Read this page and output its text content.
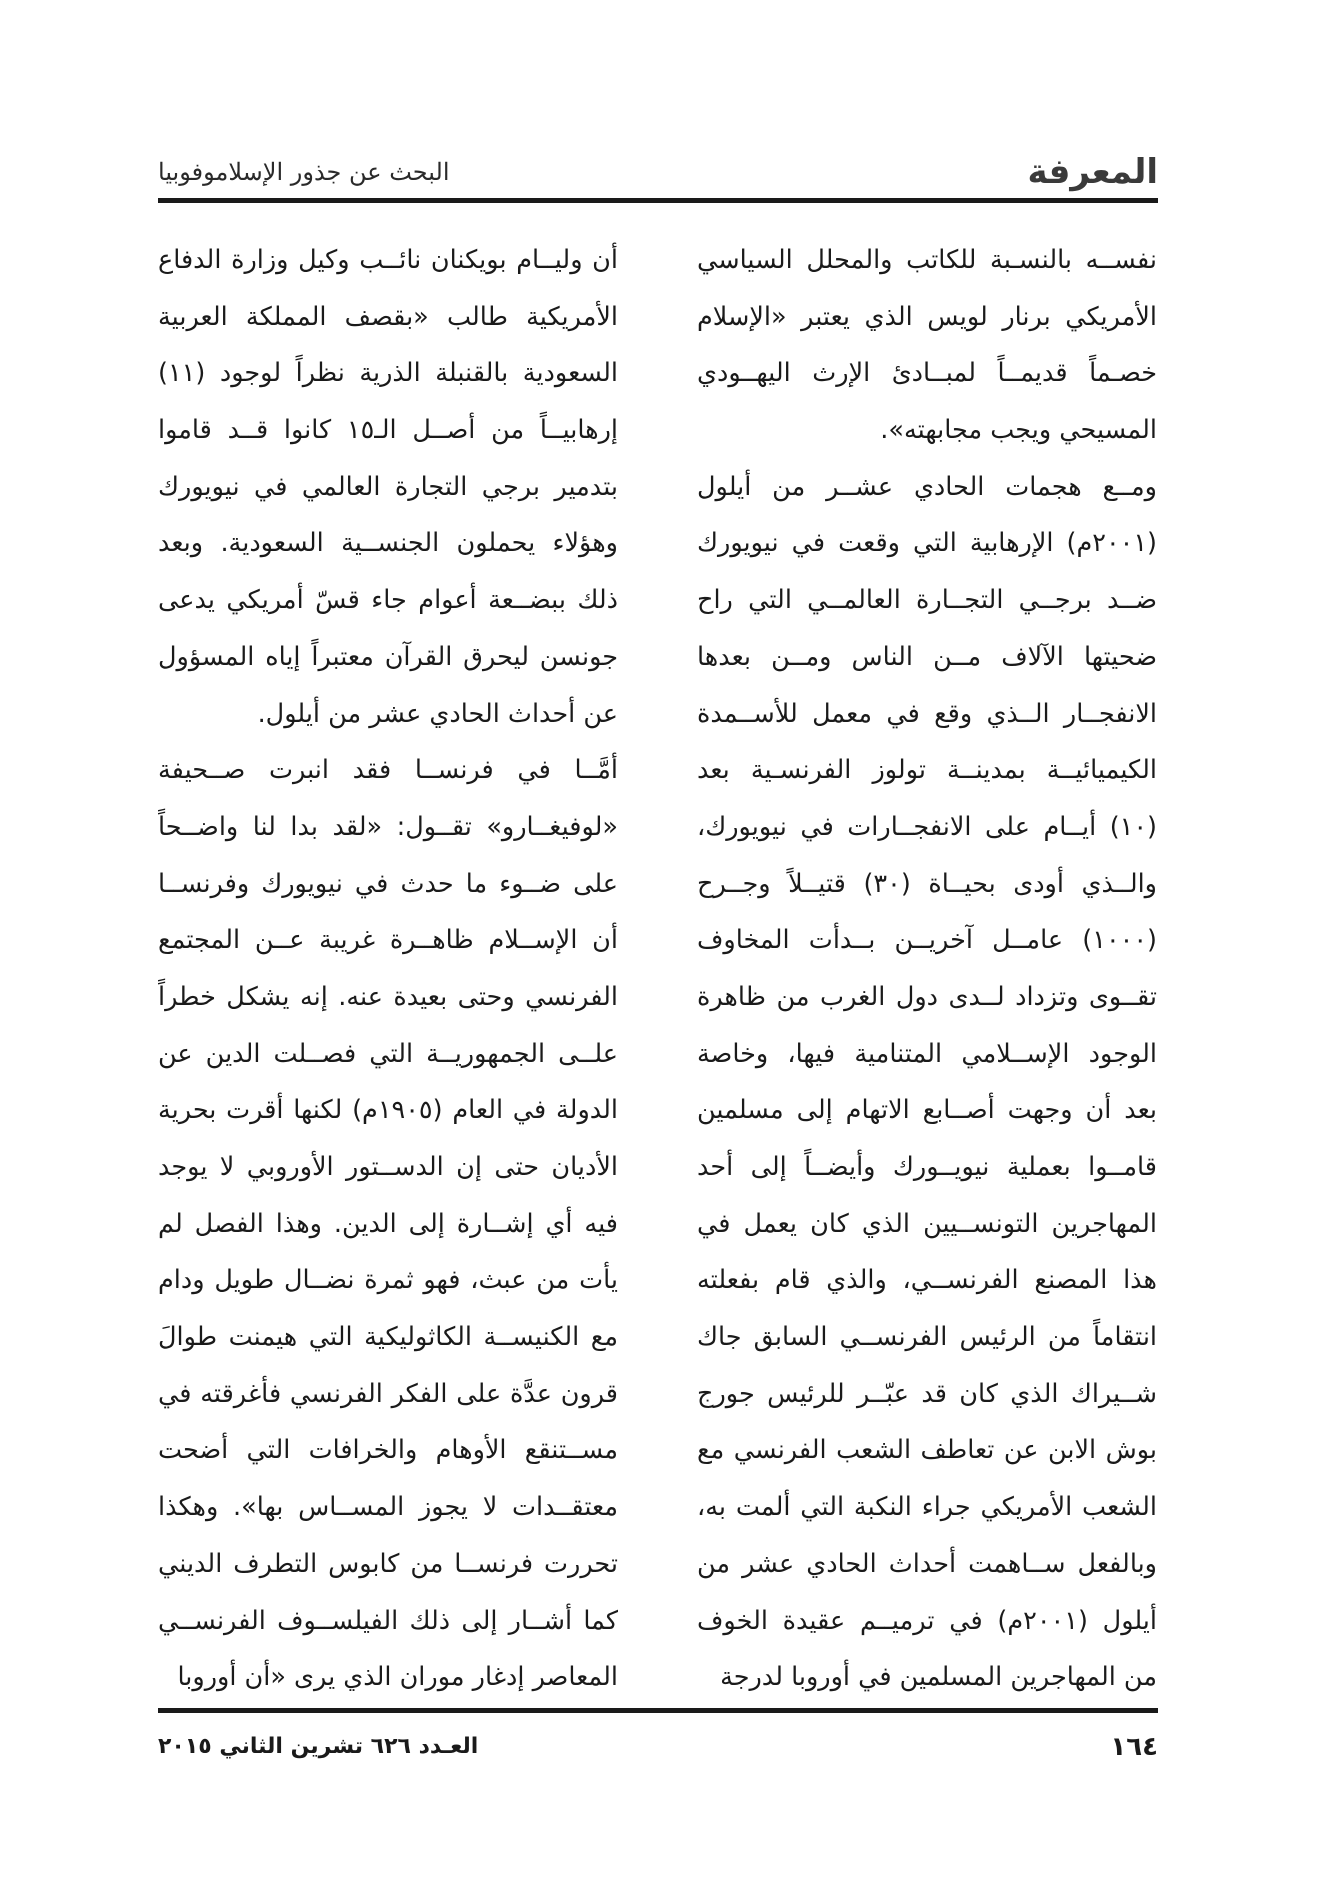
المعرفة
البحث عن جذور الإسلاموفوبيا
نفســه بالنسـبة للكاتب والمحلل السياسي
الأمريكي برنار لويس الذي يعتبر «الإسلام
خصـماً قديمــاً لمبــادئ الإرث اليهــودي
المسيحي ويجب مجابهته».
ومــع هجمات الحادي عشــر من أيلول
(٢٠٠١م) الإرهابية التي وقعت في نيويورك
ضــد برجــي التجــارة العالمــي التي راح
ضحيتها الآلاف مــن الناس ومــن بعدها
الانفجــار الــذي وقع في معمل للأســمدة
الكيميائيــة بمدينــة تولوز الفرنسـية بعد
(١٠) أيــام على الانفجــارات في نيويورك،
والــذي أودى بحيــاة (٣٠) قتيــلاً وجــرح
(١٠٠٠) عامــل آخريــن بــدأت المخاوف
تقــوى وتزداد لــدى دول الغرب من ظاهرة
الوجود الإســلامي المتنامية فيها، وخاصة
بعد أن وجهت أصــابع الاتهام إلى مسلمين
قامــوا بعملية نيويــورك وأيضــاً إلى أحد
المهاجرين التونســيين الذي كان يعمل في
هذا المصنع الفرنســي، والذي قام بفعلته
انتقاماً من الرئيس الفرنســي السابق جاك
شــيراك الذي كان قد عبّــر للرئيس جورج
بوش الابن عن تعاطف الشعب الفرنسي مع
الشعب الأمريكي جراء النكبة التي ألمت به،
وبالفعل ســاهمت أحداث الحادي عشر من
أيلول (٢٠٠١م) في ترميــم عقيدة الخوف
من المهاجرين المسلمين في أوروبا لدرجة
أن وليــام بويكنان نائــب وكيل وزارة الدفاع
الأمريكية طالب «بقصف المملكة العربية
السعودية بالقنبلة الذرية نظراً لوجود (١١)
إرهابيــاً من أصــل الـ١٥ كانوا قــد قاموا
بتدمير برجي التجارة العالمي في نيويورك
وهؤلاء يحملون الجنســية السعودية. وبعد
ذلك ببضــعة أعوام جاء قسّ أمريكي يدعى
جونسن ليحرق القرآن معتبراً إياه المسؤول
عن أحداث الحادي عشر من أيلول.
أمَّــا في فرنســا فقد انبرت صــحيفة
«لوفيغــارو» تقــول: «لقد بدا لنا واضــحاً
على ضــوء ما حدث في نيويورك وفرنســا
أن الإســلام ظاهــرة غريبة عــن المجتمع
الفرنسي وحتى بعيدة عنه. إنه يشكل خطراً
علــى الجمهوريــة التي فصــلت الدين عن
الدولة في العام (١٩٠٥م) لكنها أقرت بحرية
الأديان حتى إن الدســتور الأوروبي لا يوجد
فيه أي إشــارة إلى الدين. وهذا الفصل لم
يأت من عبث، فهو ثمرة نضــال طويل ودام
مع الكنيســة الكاثوليكية التي هيمنت طوالَ
قرون عدَّة على الفكر الفرنسي فأغرقته في
مســتنقع الأوهام والخرافات التي أضحت
معتقــدات لا يجوز المســاس بها». وهكذا
تحررت فرنســا من كابوس التطرف الديني
كما أشــار إلى ذلك الفيلســوف الفرنســي
المعاصر إدغار موران الذي يرى «أن أوروبا
١٦٤
العـدد ٦٢٦ تشرين الثاني ٢٠١٥
